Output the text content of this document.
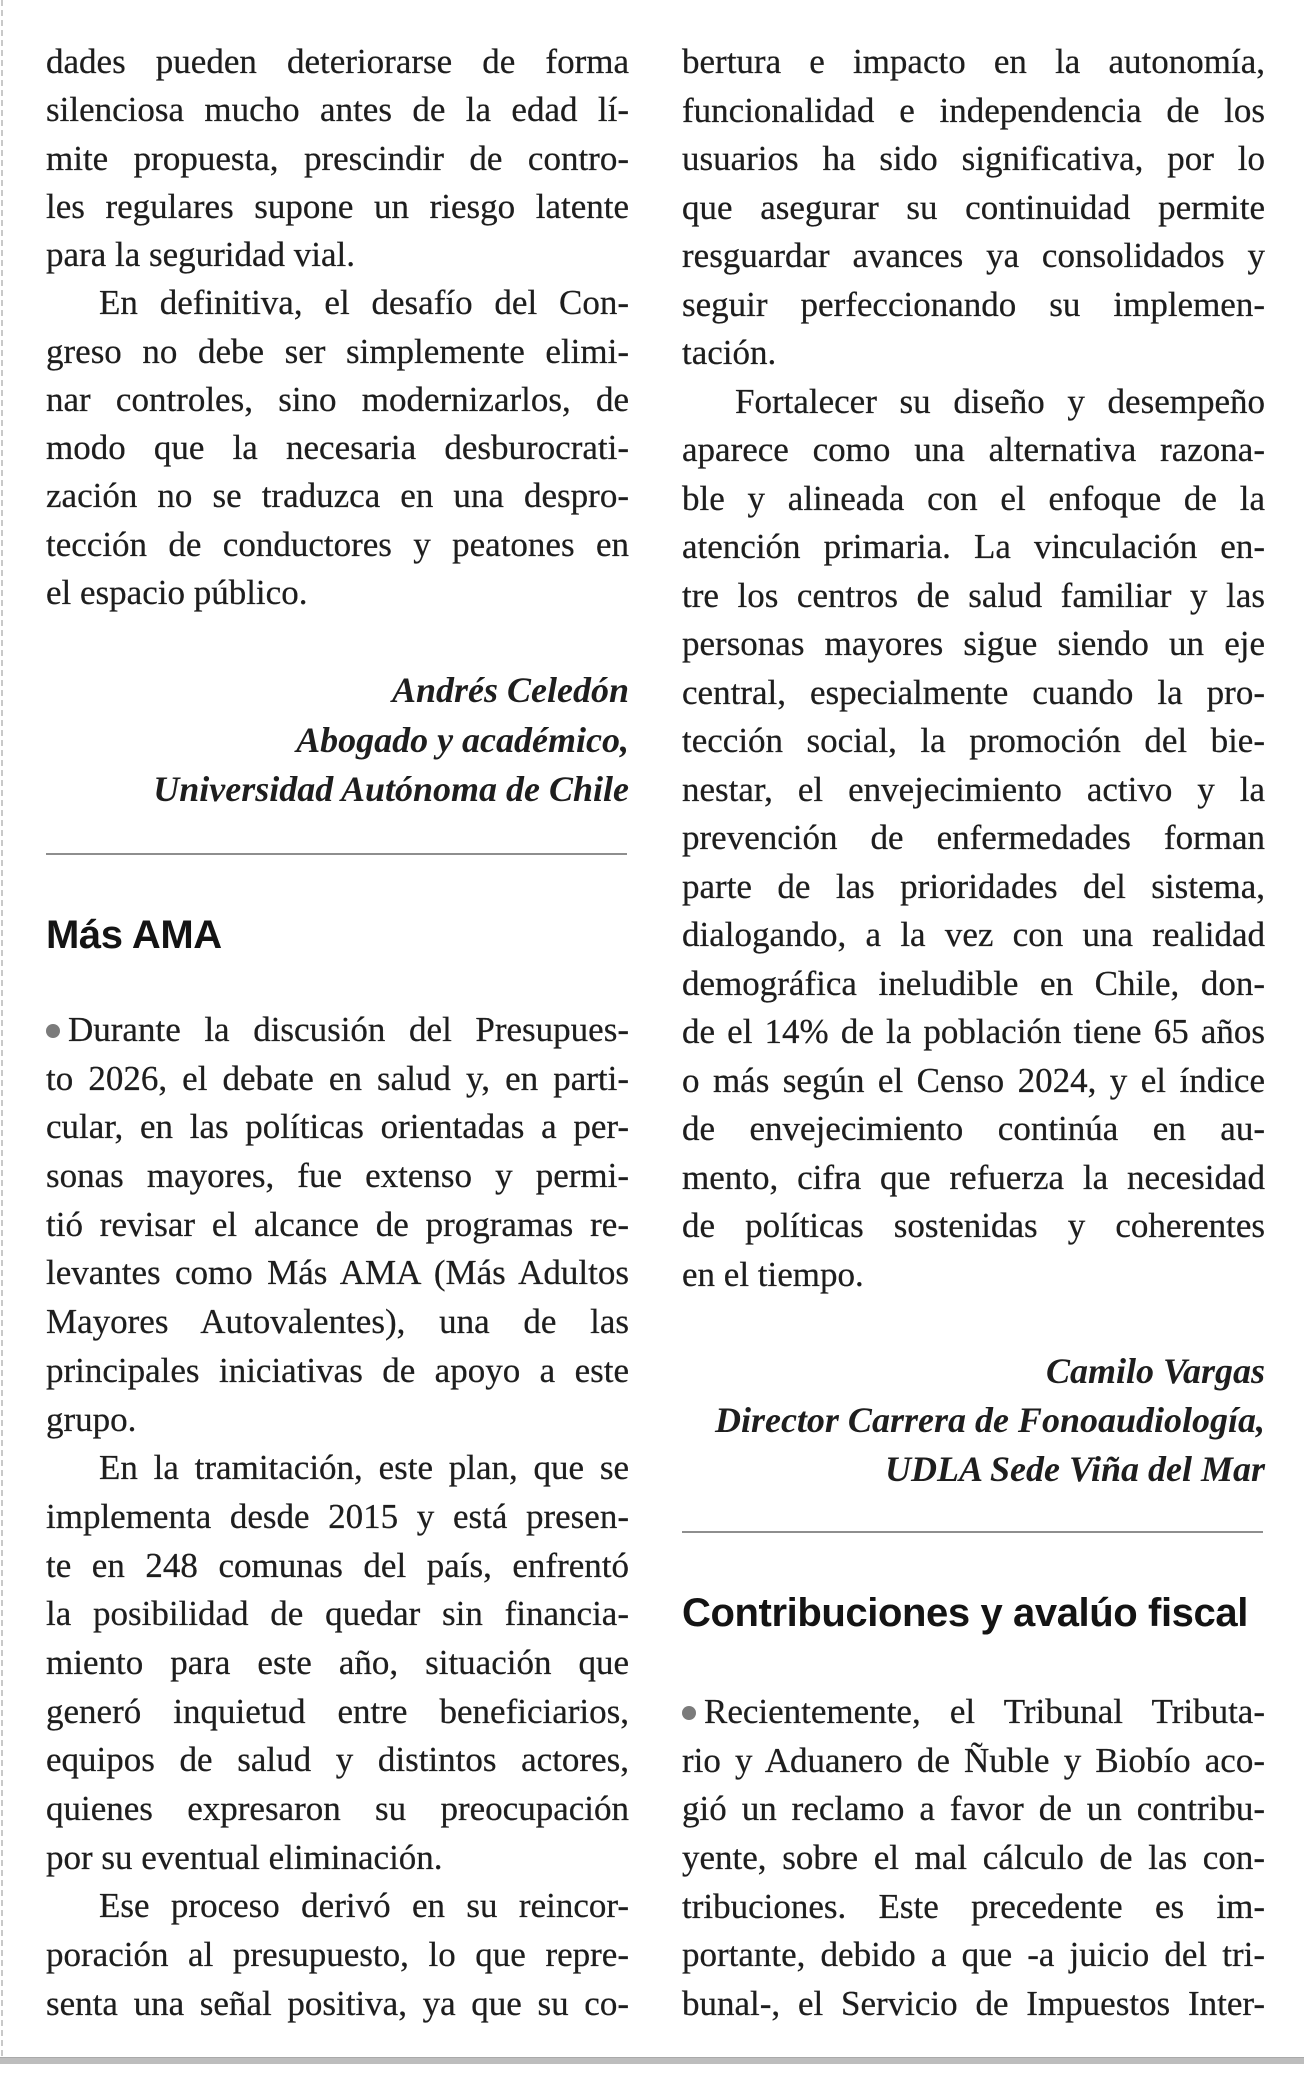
dades pueden deteriorarse de forma
silenciosa mucho antes de la edad lí-
mite propuesta, prescindir de contro-
les regulares supone un riesgo latente
para la seguridad vial.
En definitiva, el desafío del Con-
greso no debe ser simplemente elimi-
nar controles, sino modernizarlos, de
modo que la necesaria desburocrati-
zación no se traduzca en una despro-
tección de conductores y peatones en
el espacio público.
Andrés Celedón
Abogado y académico,
Universidad Autónoma de Chile
Más AMA
Durante la discusión del Presupues-
to 2026, el debate en salud y, en parti-
cular, en las políticas orientadas a per-
sonas mayores, fue extenso y permi-
tió revisar el alcance de programas re-
levantes como Más AMA (Más Adultos
Mayores Autovalentes), una de las
principales iniciativas de apoyo a este
grupo.
En la tramitación, este plan, que se
implementa desde 2015 y está presen-
te en 248 comunas del país, enfrentó
la posibilidad de quedar sin financia-
miento para este año, situación que
generó inquietud entre beneficiarios,
equipos de salud y distintos actores,
quienes expresaron su preocupación
por su eventual eliminación.
Ese proceso derivó en su reincor-
poración al presupuesto, lo que repre-
senta una señal positiva, ya que su co-
bertura e impacto en la autonomía,
funcionalidad e independencia de los
usuarios ha sido significativa, por lo
que asegurar su continuidad permite
resguardar avances ya consolidados y
seguir perfeccionando su implemen-
tación.
Fortalecer su diseño y desempeño
aparece como una alternativa razona-
ble y alineada con el enfoque de la
atención primaria. La vinculación en-
tre los centros de salud familiar y las
personas mayores sigue siendo un eje
central, especialmente cuando la pro-
tección social, la promoción del bie-
nestar, el envejecimiento activo y la
prevención de enfermedades forman
parte de las prioridades del sistema,
dialogando, a la vez con una realidad
demográfica ineludible en Chile, don-
de el 14% de la población tiene 65 años
o más según el Censo 2024, y el índice
de envejecimiento continúa en au-
mento, cifra que refuerza la necesidad
de políticas sostenidas y coherentes
en el tiempo.
Camilo Vargas
Director Carrera de Fonoaudiología,
UDLA Sede Viña del Mar
Contribuciones y avalúo fiscal
Recientemente, el Tribunal Tributa-
rio y Aduanero de Ñuble y Biobío aco-
gió un reclamo a favor de un contribu-
yente, sobre el mal cálculo de las con-
tribuciones. Este precedente es im-
portante, debido a que -a juicio del tri-
bunal-, el Servicio de Impuestos Inter-
